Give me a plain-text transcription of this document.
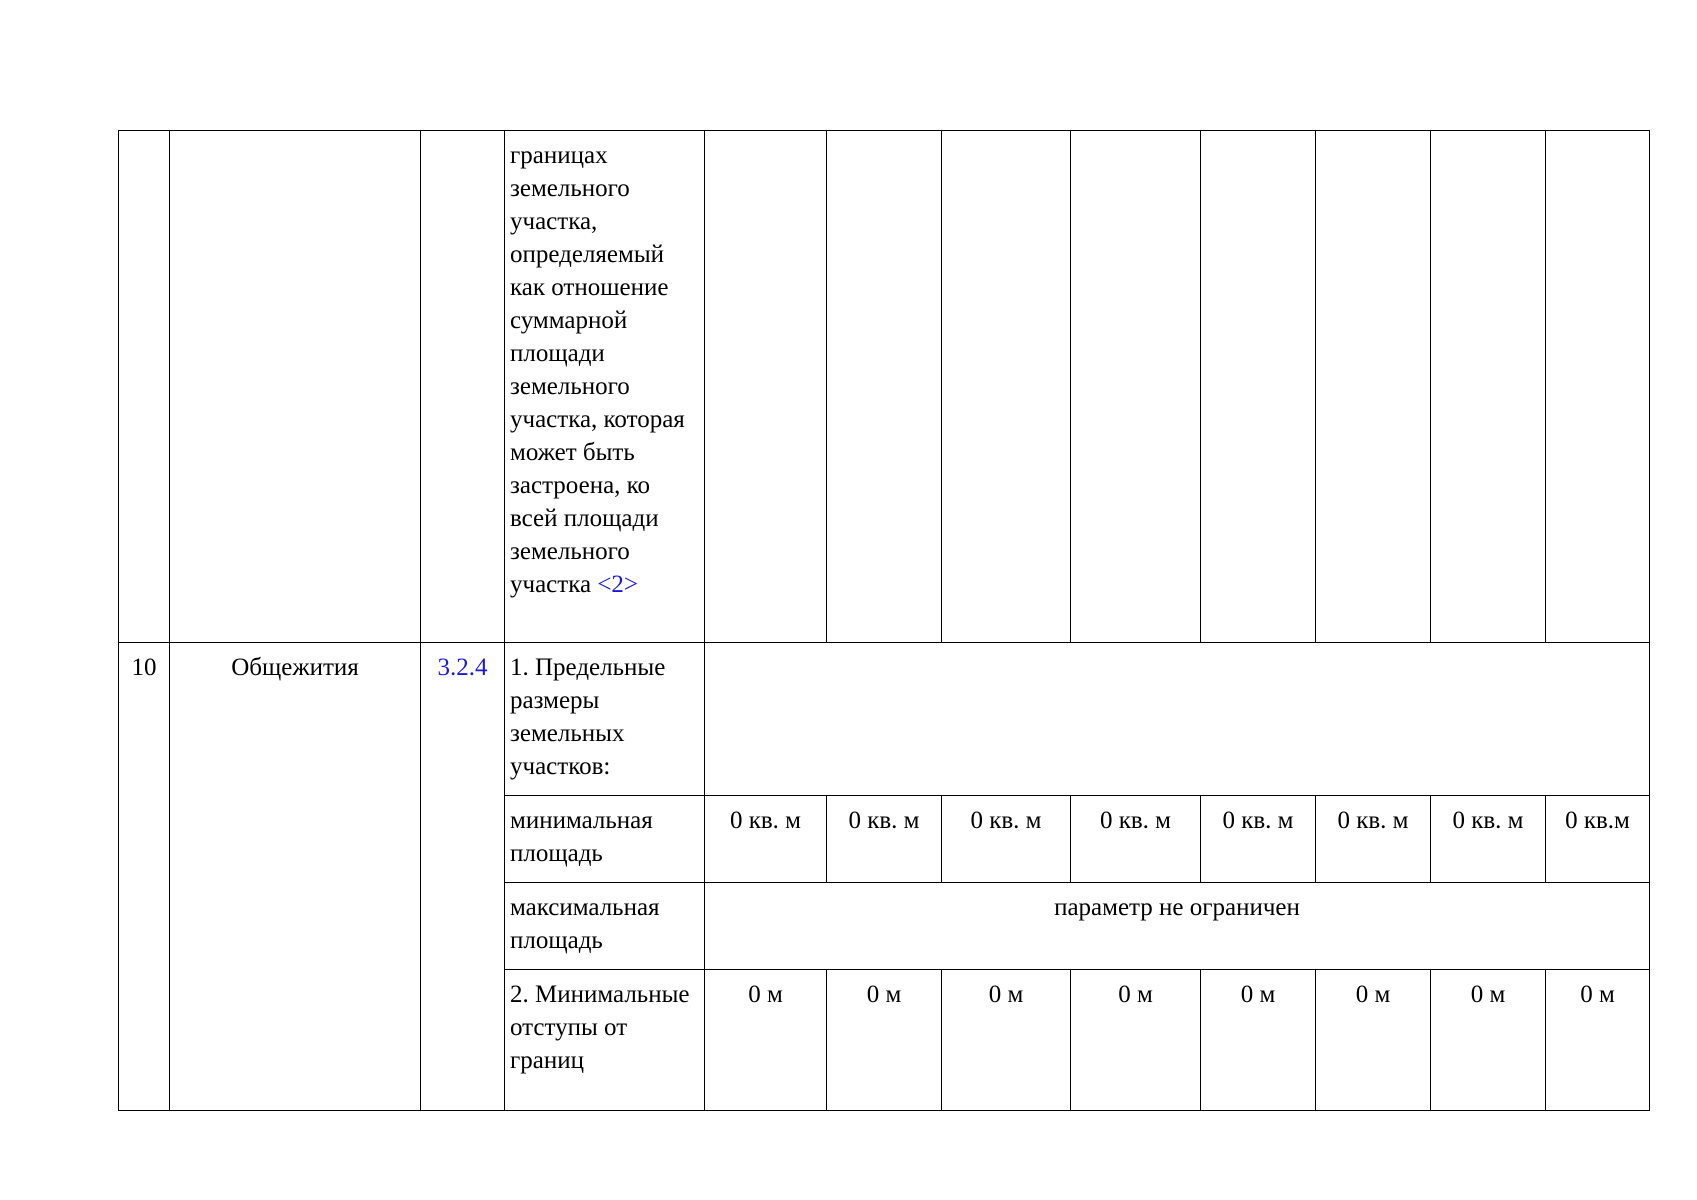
			границах земельного участка, определяемый как отношение суммарной площади земельного участка, которая может быть застроена, ко всей площади земельного участка <2>								
10	Общежития	3.2.4	1. Предельные размеры земельных участков:								
			минимальная площадь	0 кв. м	0 кв. м	0 кв. м	0 кв. м	0 кв. м	0 кв. м	0 кв. м	0 кв.м
			максимальная площадь	параметр не ограничен							
			2. Минимальные отступы от границ	0 м	0 м	0 м	0 м	0 м	0 м	0 м	0 м
